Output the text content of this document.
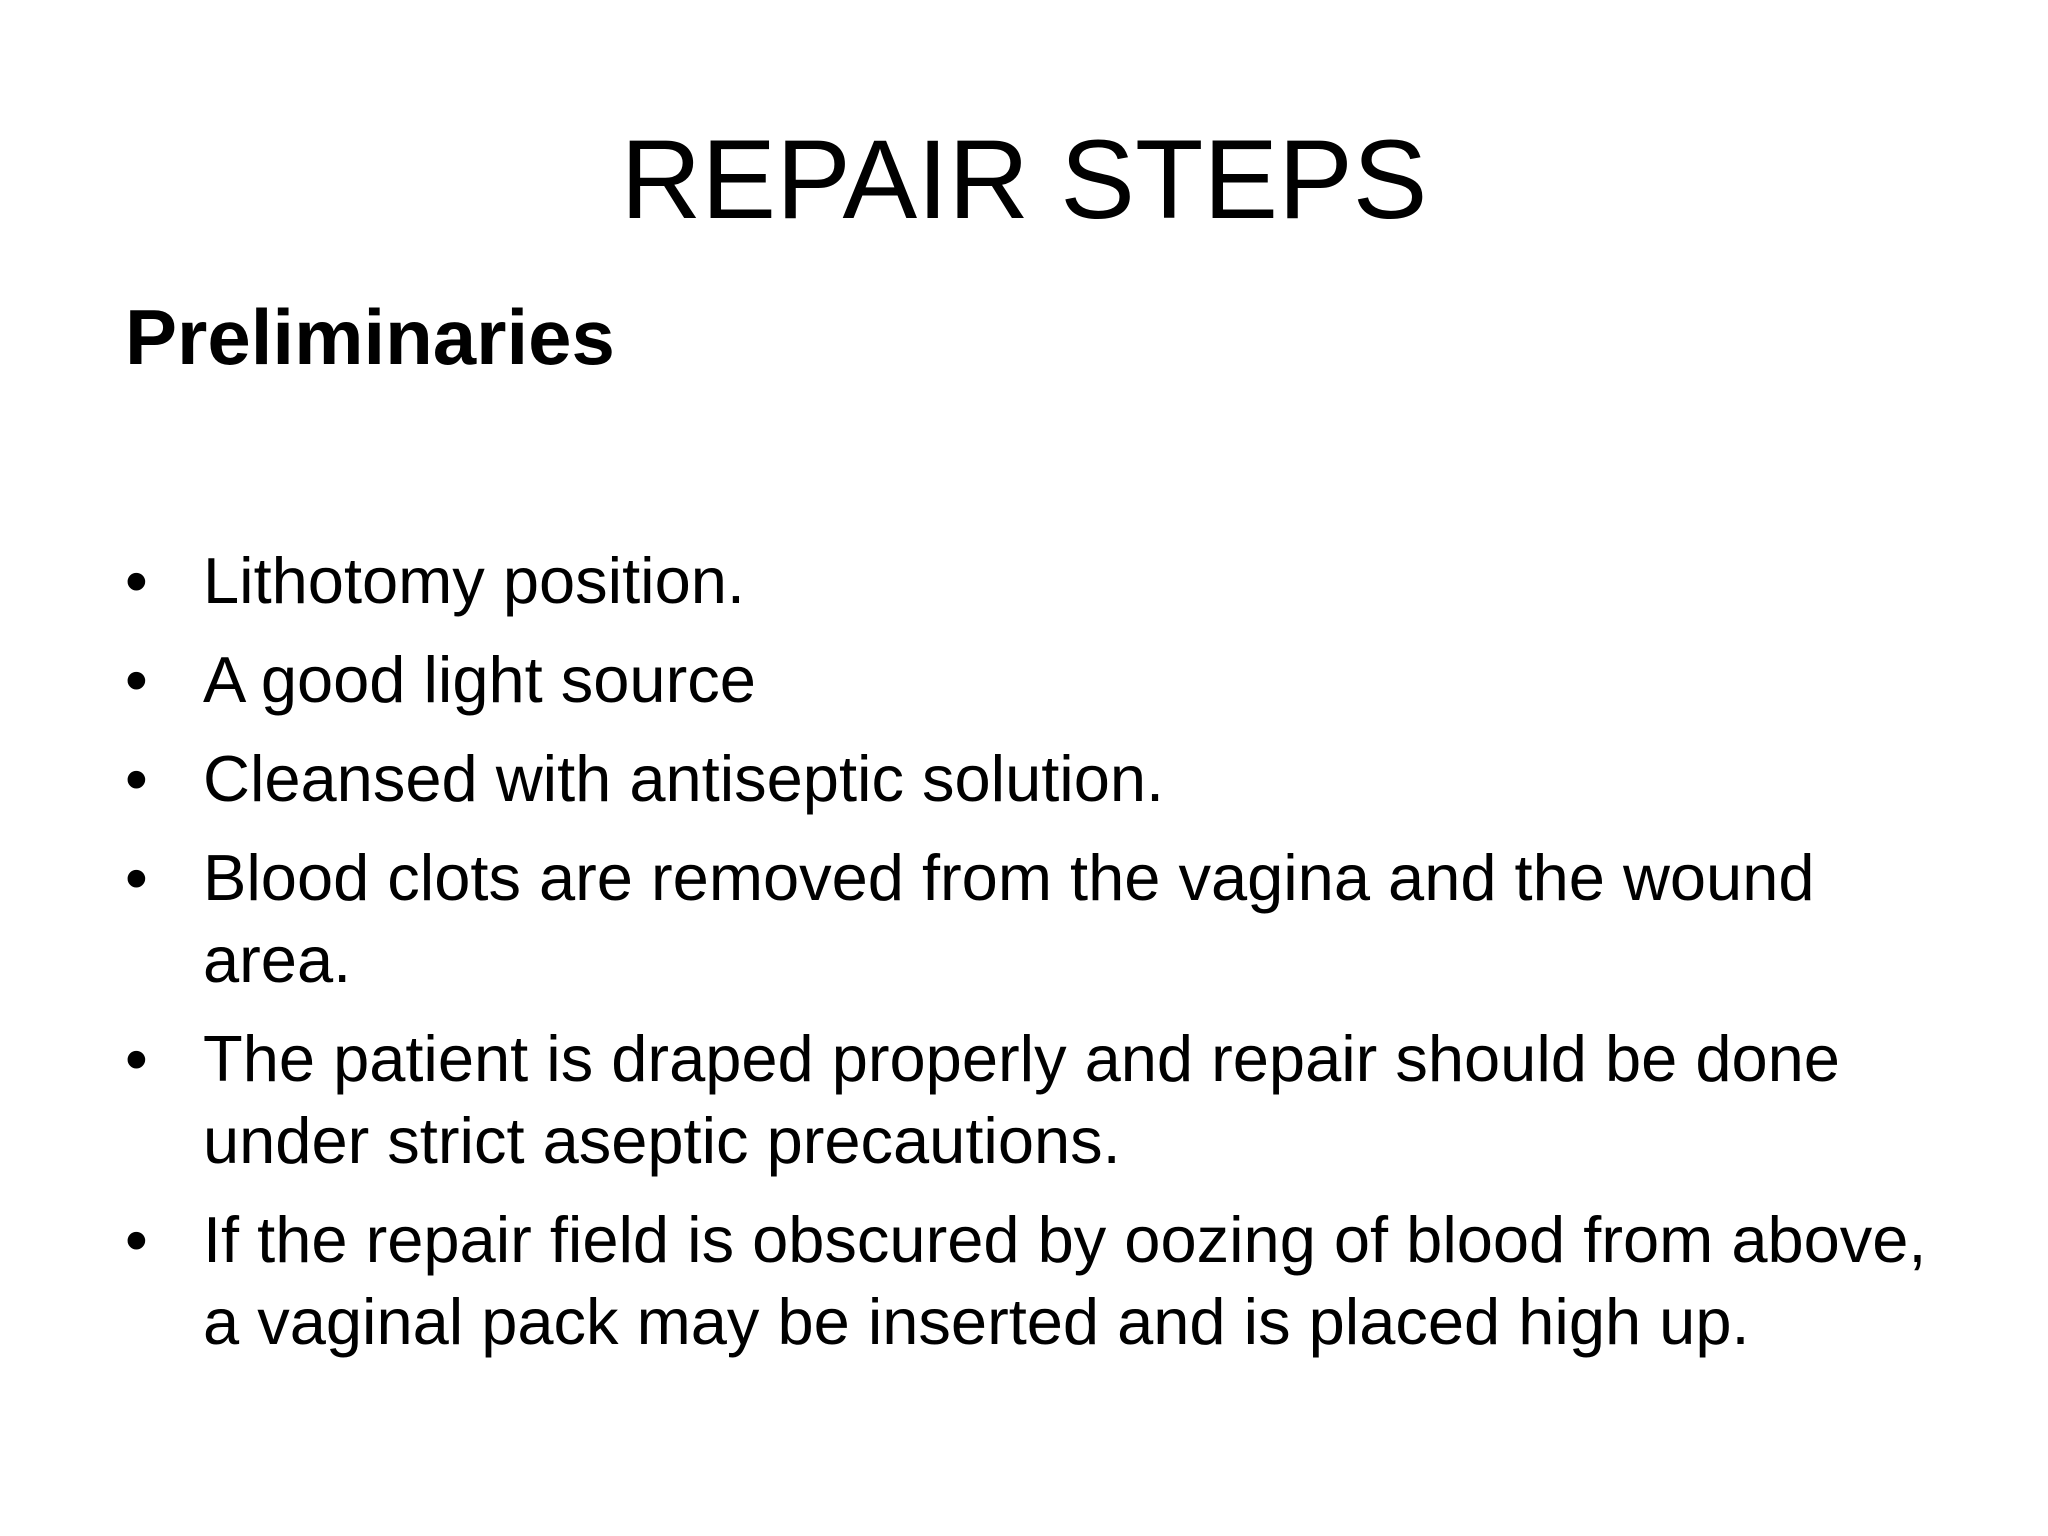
REPAIR STEPS
Preliminaries
• Lithotomy position.
• A good light source
• Cleansed with antiseptic solution.
• Blood clots are removed from the vagina and the wound area.
• The patient is draped properly and repair should be done under strict aseptic precautions.
• If the repair field is obscured by oozing of blood from above, a vaginal pack may be inserted and is placed high up.
